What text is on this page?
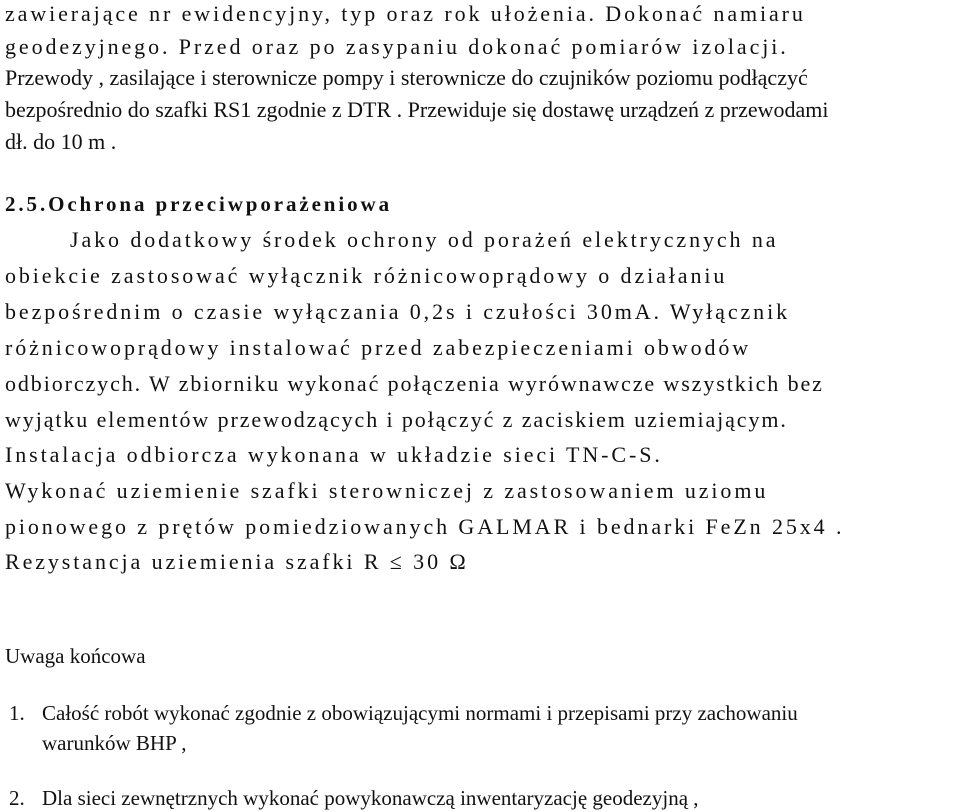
zawierające nr ewidencyjny, typ oraz rok ułożenia. Dokonać namiaru
geodezyjnego. Przed oraz po zasypaniu dokonać pomiarów izolacji.
Przewody , zasilające i sterownicze pompy i sterownicze do czujników poziomu podłączyć
bezpośrednio do szafki RS1 zgodnie z DTR . Przewiduje się dostawę urządzeń z przewodami
dł. do 10 m .
2.5.Ochrona przeciwporażeniowa
Jako dodatkowy środek ochrony od porażeń elektrycznych na
obiekcie zastosować wyłącznik różnicowoprądowy o działaniu
bezpośrednim o czasie wyłączania 0,2s i czułości 30mA. Wyłącznik
różnicowoprądowy instalować przed zabezpieczeniami obwodów
odbiorczych. W zbiorniku wykonać połączenia wyrównawcze wszystkich bez
wyjątku elementów przewodzących i połączyć z zaciskiem uziemiającym.
Instalacja odbiorcza wykonana w układzie sieci TN-C-S.
Wykonać uziemienie szafki sterowniczej z zastosowaniem uziomu
pionowego z prętów pomiedziowanych GALMAR i bednarki FeZn 25x4 .
Rezystancja uziemienia szafki R ≤ 30 Ω
Uwaga końcowa
1. Całość robót wykonać zgodnie z obowiązującymi normami i przepisami przy zachowaniu
warunków BHP ,
2. Dla sieci zewnętrznych wykonać powykonawczą inwentaryzację geodezyjną ,
